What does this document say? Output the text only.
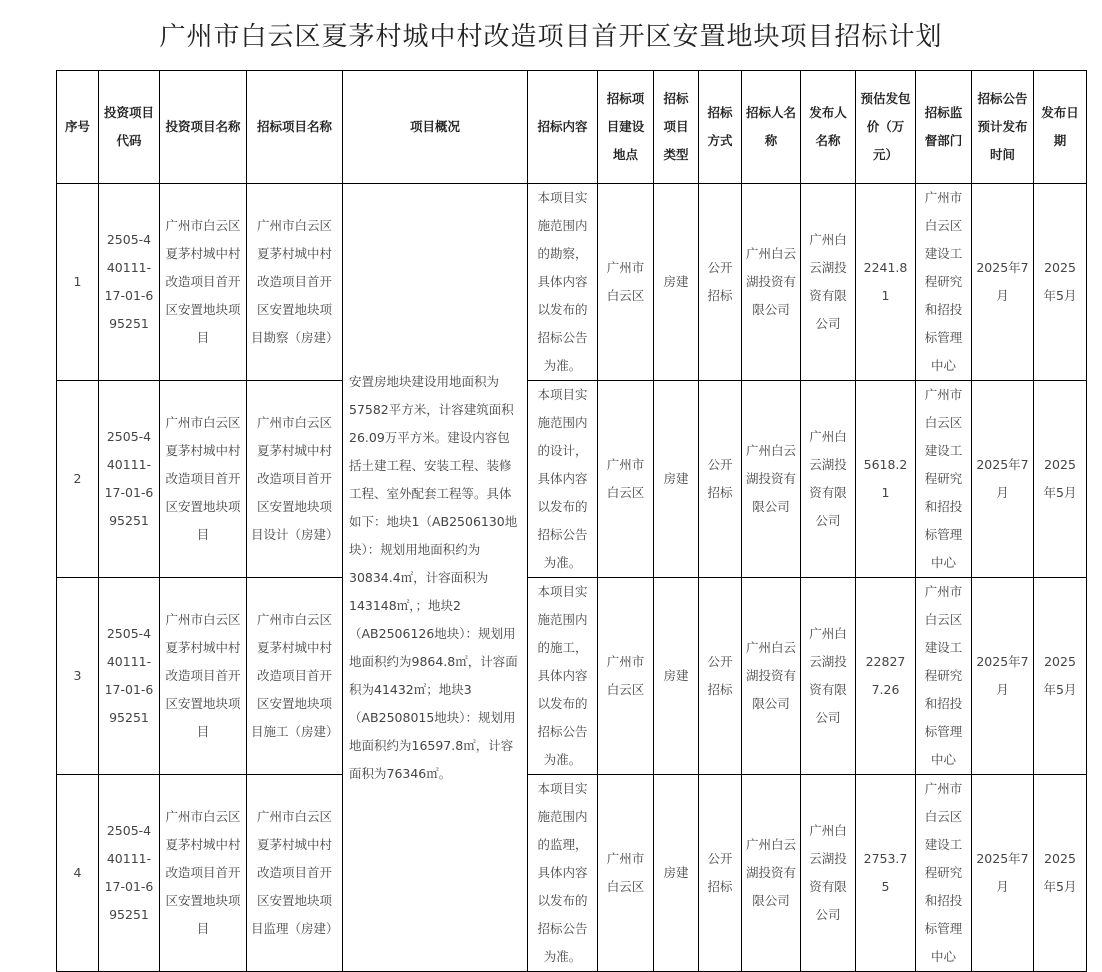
广州市白云区夏茅村城中村改造项目首开区安置地块项目招标计划
序号	投资项目代码	投资项目名称	招标项目名称	项目概况	招标内容	招标项目建设地点	招标项目类型	招标方式	招标人名称	发布人名称	预估发包价（万元）	招标监督部门	招标公告预计发布时间	发布日期
1	2505-440111-17-01-695251	广州市白云区夏茅村城中村改造项目首开区安置地块项目	广州市白云区夏茅村城中村改造项目首开区安置地块项目勘察（房建）	安置房地块建设用地面积为57582平方米，计容建筑面积26.09万平方米。建设内容包括土建工程、安装工程、装修工程、室外配套工程等。具体如下：地块1（AB2506130地块）：规划用地面积约为30834.4㎡，计容面积为143148㎡，；地块2（AB2506126地块）：规划用地面积约为9864.8㎡，计容面积为41432㎡；地块3（AB2508015地块）：规划用地面积约为16597.8㎡，计容面积为76346㎡。	本项目实施范围内的勘察，具体内容以发布的招标公告为准。	广州市白云区	房建	公开招标	广州白云湖投资有限公司	广州白云湖投资有限公司	2241.81	广州市白云区建设工程研究和招投标管理中心	2025年7月	2025年5月
2	2505-440111-17-01-695251	广州市白云区夏茅村城中村改造项目首开区安置地块项目	广州市白云区夏茅村城中村改造项目首开区安置地块项目设计（房建）		本项目实施范围内的设计，具体内容以发布的招标公告为准。	广州市白云区	房建	公开招标	广州白云湖投资有限公司	广州白云湖投资有限公司	5618.21	广州市白云区建设工程研究和招投标管理中心	2025年7月	2025年5月
3	2505-440111-17-01-695251	广州市白云区夏茅村城中村改造项目首开区安置地块项目	广州市白云区夏茅村城中村改造项目首开区安置地块项目施工（房建）		本项目实施范围内的施工，具体内容以发布的招标公告为准。	广州市白云区	房建	公开招标	广州白云湖投资有限公司	广州白云湖投资有限公司	228277.26	广州市白云区建设工程研究和招投标管理中心	2025年7月	2025年5月
4	2505-440111-17-01-695251	广州市白云区夏茅村城中村改造项目首开区安置地块项目	广州市白云区夏茅村城中村改造项目首开区安置地块项目监理（房建）		本项目实施范围内的监理，具体内容以发布的招标公告为准。	广州市白云区	房建	公开招标	广州白云湖投资有限公司	广州白云湖投资有限公司	2753.75	广州市白云区建设工程研究和招投标管理中心	2025年7月	2025年5月
